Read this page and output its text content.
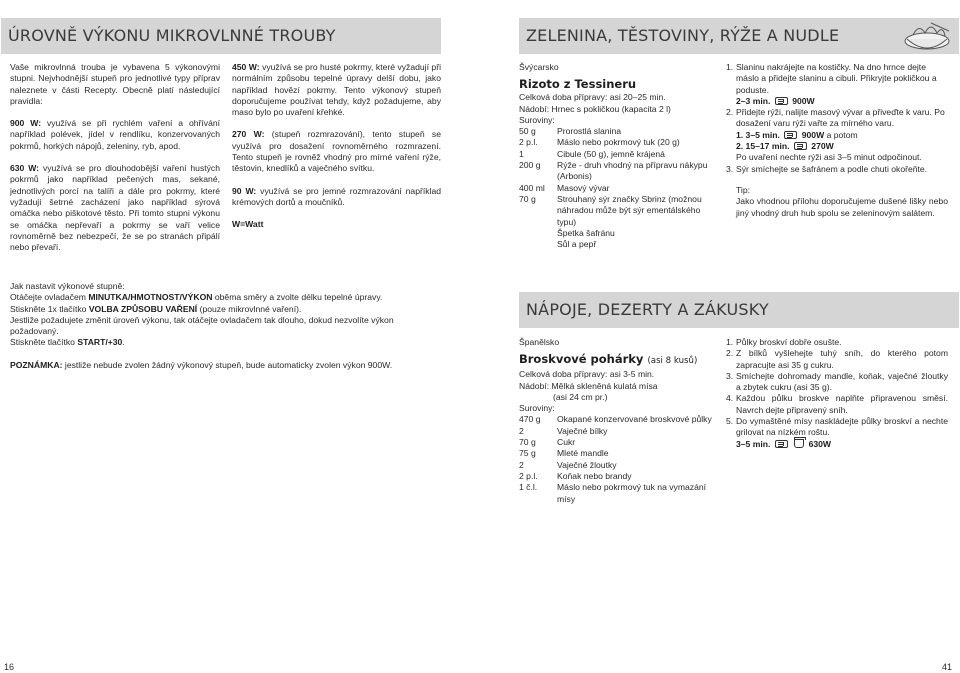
ÚROVNĚ VÝKONU MIKROVLNNÉ TROUBY

Vaše mikrovlnná trouba je vybavena 5 výkonovými stupni. Nejvhodnější stupeň pro jednotlivé typy příprav naleznete v části Recepty. Obecně platí následující pravidla:

900 W: využívá se při rychlém vaření a ohřívání například polévek, jídel v rendlíku, konzervovaných pokrmů, horkých nápojů, zeleniny, ryb, apod.

630 W: využívá se pro dlouhodobější vaření hustých pokrmů jako například pečených mas, sekané, jednotlivých porcí na talíři a dále pro pokrmy, které vyžadují šetrné zacházení jako například sýrová omáčka nebo piškotové těsto. Při tomto stupni výkonu se omáčka nepřevaří a pokrmy se vaří velice rovnoměrně bez nebezpečí, že se po stranách připálí nebo převaří.

450 W: využívá se pro husté pokrmy, které vyžadují při normálním způsobu tepelné úpravy delší dobu, jako například hovězí pokrmy. Tento výkonový stupeň doporučujeme používat tehdy, když požadujeme, aby maso bylo po uvaření křehké.

270 W: (stupeň rozmrazování), tento stupeň se využívá pro dosažení rovnoměrného rozmrazení. Tento stupeň je rovněž vhodný pro mírné vaření rýže, těstovin, knedlíků a vaječného svítku.

90 W: využívá se pro jemné rozmrazování například krémových dortů a moučníků.

W=Watt

Jak nastavit výkonové stupně:

Otáčejte ovladačem MINUTKA/HMOTNOST/VÝKON oběma směry a zvolte délku tepelné úpravy.

Stiskněte 1x tlačítko VOLBA ZPŮSOBU VAŘENÍ (pouze mikrovlnné vaření).

Jestliže požadujete změnit úroveň výkonu, tak otáčejte ovladačem tak dlouho, dokud nezvolíte výkon požadovaný.

Stiskněte tlačítko START/+30.

POZNÁMKA: jestliže nebude zvolen žádný výkonový stupeň, bude automaticky zvolen výkon 900W.

16
ZELENINA, TĚSTOVINY, RÝŽE A NUDLE
Švýcarsko
Rizoto z Tessineru
Celková doba přípravy: asi 20–25 min.
Nádobí: Hrnec s pokličkou (kapacita 2 l)
Suroviny:
50 g	Prorostlá slanina
2 p.l.	Máslo nebo pokrmový tuk (20 g)
1	Cibule (50 g), jemně krájená
200 g	Rýže - druh vhodný na přípravu nákypu (Arbonis)
400 ml	Masový vývar
70 g	Strouhaný sýr značky Sbrinz (možnou náhradou může být sýr ementálského typu)
Špetka šafránu
Sůl a pepř
1. Slaninu nakrájejte na kostičky. Na dno hrnce dejte máslo a přidejte slaninu a cibuli. Přikryjte pokličkou a poduste.
2–3 min.	900W
2. Přidejte rýži, nalijte masový vývar a přiveďte k varu. Po dosažení varu rýži vařte za mírného varu.
1. 3–5 min.	900W a potom
2. 15–17 min.	270W
Po uvaření nechte rýži asi 3–5 minut odpočinout.
3. Sýr smíchejte se šafránem a podle chuti okořeňte.
Tip:
Jako vhodnou přílohu doporučujeme dušené lišky nebo jiný vhodný druh hub spolu se zeleninovým salátem.
NÁPOJE, DEZERTY A ZÁKUSKY
Španělsko
Broskvové pohárky (asi 8 kusů)
Celková doba přípravy: asi 3-5 min.
Nádobí: Mělká skleněná kulatá mísa
(asi 24 cm pr.)
Suroviny:
470 g	Okapané konzervované broskvové půlky
2	Vaječné bílky
70 g	Cukr
75 g	Mleté mandle
2	Vaječné žloutky
2 p.l.	Koňak nebo brandy
1 č.l.	Máslo nebo pokrmový tuk na vymazání mísy
1. Půlky broskví dobře osušte.
2. Z bílků vyšlehejte tuhý sníh, do kterého potom zapracujte asi 35 g cukru.
3. Smíchejte dohromady mandle, koňak, vaječné žloutky a zbytek cukru (asi 35 g).
4. Každou půlku broskve naplňte připravenou směsí. Navrch dejte připravený sníh.
5. Do vymaštěné mísy naskládejte půlky broskví a nechte grilovat na nízkém roštu.
3–5 min.	630W
41
